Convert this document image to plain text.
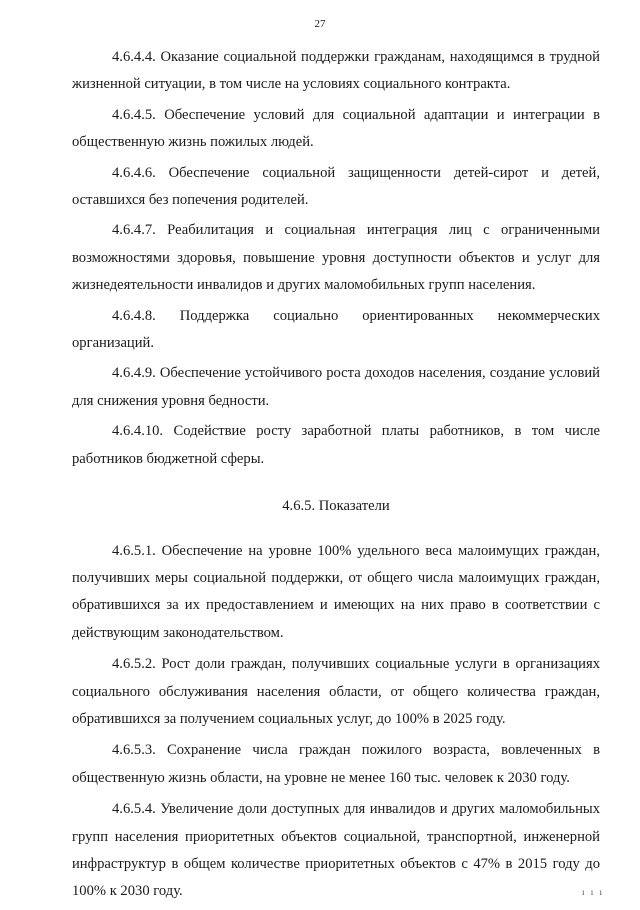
27

4.6.4.4. Оказание социальной поддержки гражданам, находящимся в трудной жизненной ситуации, в том числе на условиях социального контракта.

4.6.4.5. Обеспечение условий для социальной адаптации и интеграции в общественную жизнь пожилых людей.

4.6.4.6. Обеспечение социальной защищенности детей-сирот и детей, оставшихся без попечения родителей.

4.6.4.7. Реабилитация и социальная интеграция лиц с ограниченными возможностями здоровья, повышение уровня доступности объектов и услуг для жизнедеятельности инвалидов и других маломобильных групп населения.

4.6.4.8. Поддержка социально ориентированных некоммерческих организаций.

4.6.4.9. Обеспечение устойчивого роста доходов населения, создание условий для снижения уровня бедности.

4.6.4.10. Содействие росту заработной платы работников, в том числе работников бюджетной сферы.

4.6.5. Показатели

4.6.5.1. Обеспечение на уровне 100% удельного веса малоимущих граждан, получивших меры социальной поддержки, от общего числа малоимущих граждан, обратившихся за их предоставлением и имеющих на них право в соответствии с действующим законодательством.

4.6.5.2. Рост доли граждан, получивших социальные услуги в организациях социального обслуживания населения области, от общего количества граждан, обратившихся за получением социальных услуг, до 100% в 2025 году.

4.6.5.3. Сохранение числа граждан пожилого возраста, вовлеченных в общественную жизнь области, на уровне не менее 160 тыс. человек к 2030 году.

4.6.5.4. Увеличение доли доступных для инвалидов и других маломобильных групп населения приоритетных объектов социальной, транспортной, инженерной инфраструктур в общем количестве приоритетных объектов с 47% в 2015 году до 100% к 2030 году.	ı ı ı
